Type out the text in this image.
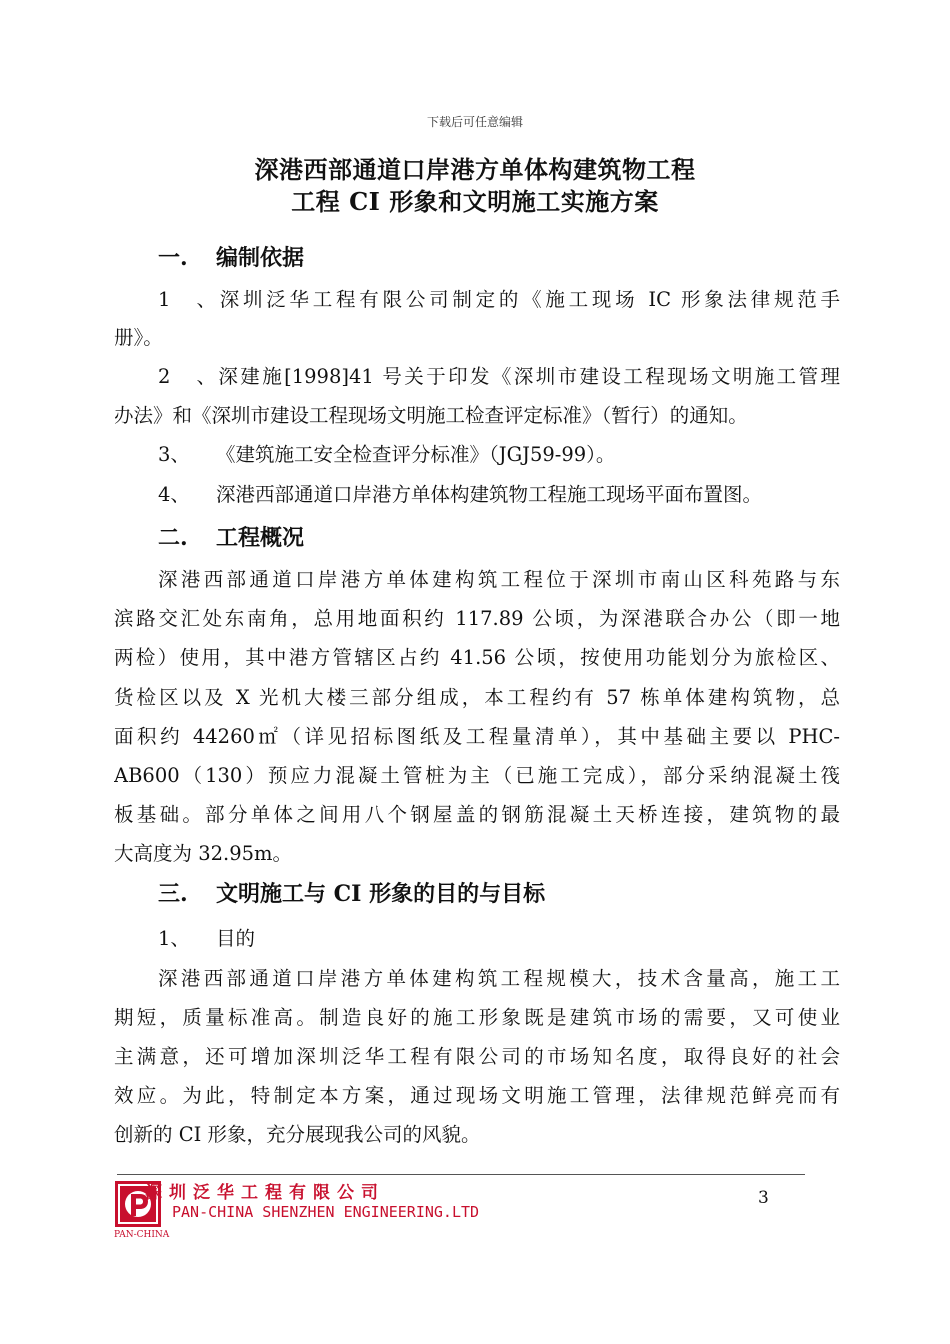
下载后可任意编辑
深港西部通道口岸港方单体构建筑物工程
工程 CI 形象和文明施工实施方案
一. 编制依据
1、深圳泛华工程有限公司制定的《施工现场 IC 形象法律规范手
册》。
2、深建施[1998]41 号关于印发《深圳市建设工程现场文明施工管理
办法》和《深圳市建设工程现场文明施工检查评定标准》（暂行）的通知。
3、 《建筑施工安全检查评分标准》（JGJ59-99）。
4、 深港西部通道口岸港方单体构建筑物工程施工现场平面布置图。
二. 工程概况
深港西部通道口岸港方单体建构筑工程位于深圳市南山区科苑路与东
滨路交汇处东南角，总用地面积约 117.89 公顷，为深港联合办公（即一地
两检）使用，其中港方管辖区占约 41.56 公顷，按使用功能划分为旅检区、
货检区以及 X 光机大楼三部分组成，本工程约有 57 栋单体建构筑物，总
面积约 44260㎡（详见招标图纸及工程量清单），其中基础主要以 PHC-
AB600（130）预应力混凝土管桩为主（已施工完成），部分采纳混凝土筏
板基础。部分单体之间用八个钢屋盖的钢筋混凝土天桥连接，建筑物的最
大高度为 32.95m。
三. 文明施工与 CI 形象的目的与目标
1、 目的
深港西部通道口岸港方单体建构筑工程规模大，技术含量高，施工工
期短，质量标准高。制造良好的施工形象既是建筑市场的需要，又可使业
主满意，还可增加深圳泛华工程有限公司的市场知名度，取得良好的社会
效应。为此，特制定本方案，通过现场文明施工管理，法律规范鲜亮而有
创新的 CI 形象，充分展现我公司的风貌。
PAN-CHINA
深圳泛华工程有限公司
PAN-CHINA SHENZHEN ENGINEERING.LTD
3
